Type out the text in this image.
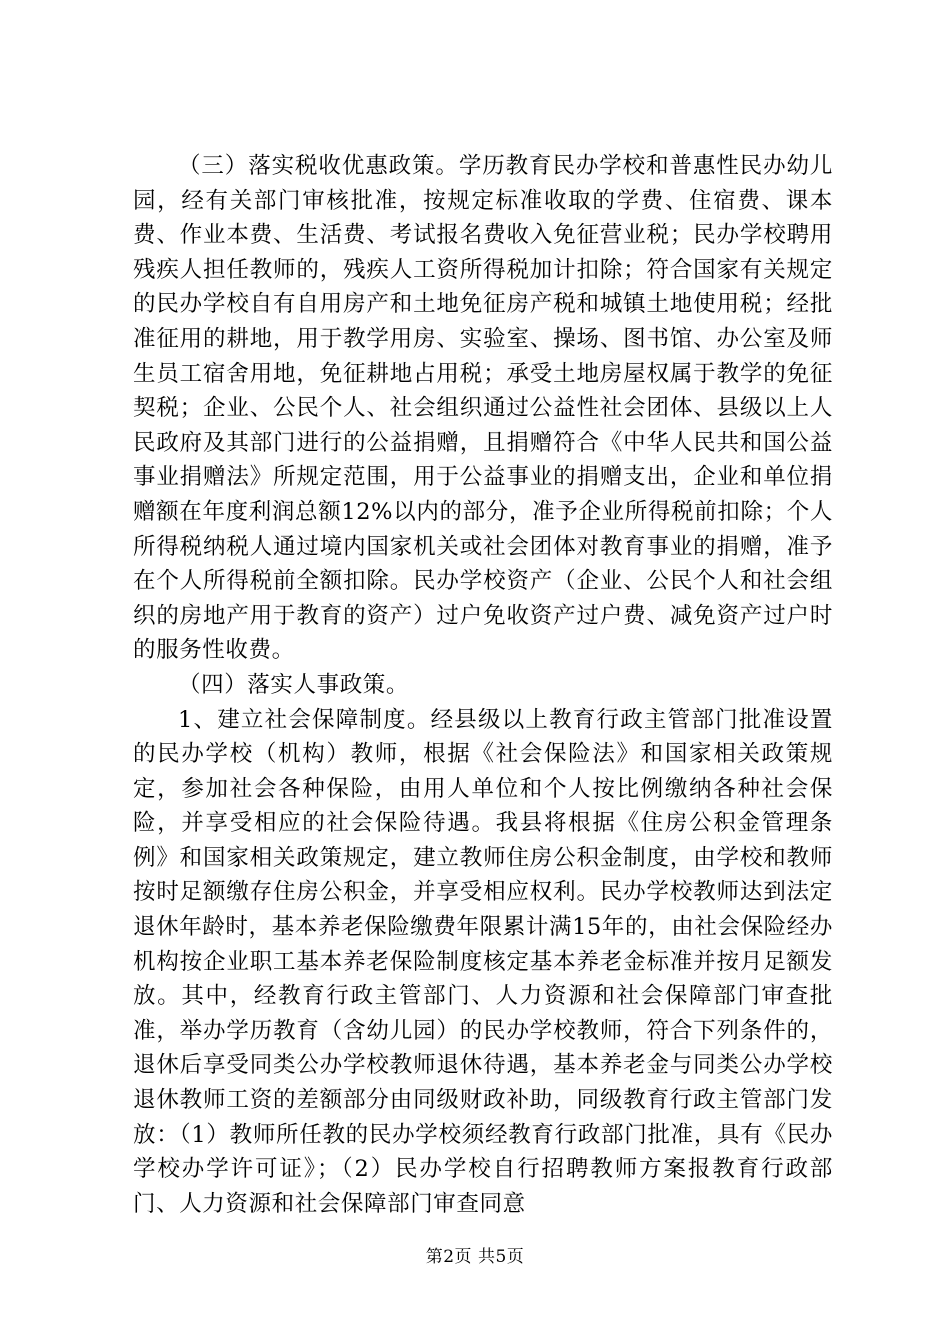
（三）落实税收优惠政策。学历教育民办学校和普惠性民办幼儿园，经有关部门审核批准，按规定标准收取的学费、住宿费、课本费、作业本费、生活费、考试报名费收入免征营业税；民办学校聘用残疾人担任教师的，残疾人工资所得税加计扣除；符合国家有关规定的民办学校自有自用房产和土地免征房产税和城镇土地使用税；经批准征用的耕地，用于教学用房、实验室、操场、图书馆、办公室及师生员工宿舍用地，免征耕地占用税；承受土地房屋权属于教学的免征契税；企业、公民个人、社会组织通过公益性社会团体、县级以上人民政府及其部门进行的公益捐赠，且捐赠符合《中华人民共和国公益事业捐赠法》所规定范围，用于公益事业的捐赠支出，企业和单位捐赠额在年度利润总额12%以内的部分，准予企业所得税前扣除；个人所得税纳税人通过境内国家机关或社会团体对教育事业的捐赠，准予在个人所得税前全额扣除。民办学校资产（企业、公民个人和社会组织的房地产用于教育的资产）过户免收资产过户费、减免资产过户时的服务性收费。

（四）落实人事政策。

1、建立社会保障制度。经县级以上教育行政主管部门批准设置的民办学校（机构）教师，根据《社会保险法》和国家相关政策规定，参加社会各种保险，由用人单位和个人按比例缴纳各种社会保险，并享受相应的社会保险待遇。我县将根据《住房公积金管理条例》和国家相关政策规定，建立教师住房公积金制度，由学校和教师按时足额缴存住房公积金，并享受相应权利。民办学校教师达到法定退休年龄时，基本养老保险缴费年限累计满15年的，由社会保险经办机构按企业职工基本养老保险制度核定基本养老金标准并按月足额发放。其中，经教育行政主管部门、人力资源和社会保障部门审查批准，举办学历教育（含幼儿园）的民办学校教师，符合下列条件的，退休后享受同类公办学校教师退休待遇，基本养老金与同类公办学校退休教师工资的差额部分由同级财政补助，同级教育行政主管部门发放：（1）教师所任教的民办学校须经教育行政部门批准，具有《民办学校办学许可证》；（2）民办学校自行招聘教师方案报教育行政部门、人力资源和社会保障部门审查同意

第2页 共5页
